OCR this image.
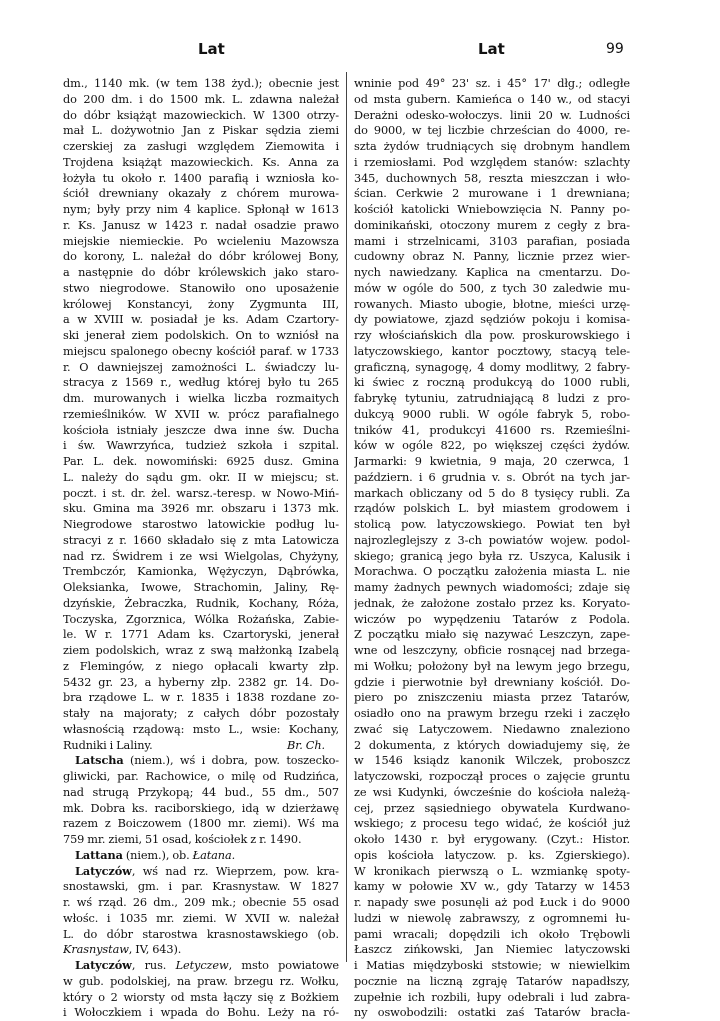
Lat	Lat	99
dm., 1140 mk. (w tem 138 żyd.); obecnie jest
do 200 dm. i do 1500 mk. L. zdawna należał
do dóbr książąt mazowieckich. W 1300 otrzy-
mał L. dożywotnio Jan z Piskar sędzia ziemi
czerskiej za zasługi względem Ziemowita i
Trojdena książąt mazowieckich. Ks. Anna za
łożyła tu około r. 1400 parafią i wzniosła ko-
ściół drewniany okazały z chórem murowa-
nym; były przy nim 4 kaplice. Spłonął w 1613
r. Ks. Janusz w 1423 r. nadał osadzie prawo
miejskie niemieckie. Po wcieleniu Mazowsza
do korony, L. należał do dóbr królowej Bony,
a następnie do dóbr królewskich jako staro-
stwo niegrodowe. Stanowiło ono uposażenie
królowej Konstancyi, żony Zygmunta III,
a w XVIII w. posiadał je ks. Adam Czartory-
ski jenerał ziem podolskich. On to wzniósł na
miejscu spalonego obecny kościół paraf. w 1733
r. O dawniejszej zamożności L. świadczy lu-
stracya z 1569 r., według której było tu 265
dm. murowanych i wielka liczba rozmaitych
rzemieślników. W XVII w. prócz parafialnego
kościoła istniały jeszcze dwa inne św. Ducha
i św. Wawrzyńca, tudzież szkoła i szpital.
Par. L. dek. nowomiński: 6925 dusz. Gmina
L. należy do sądu gm. okr. II w miejscu; st.
poczt. i st. dr. żel. warsz.-teresp. w Nowo-Miń-
sku. Gmina ma 3926 mr. obszaru i 1373 mk.
Niegrodowe starostwo latowickie podług lu-
stracyi z r. 1660 składało się z mta Latowicza
nad rz. Świdrem i ze wsi Wielgolas, Chyżyny,
Trembczór, Kamionka, Wężyczyn, Dąbrówka,
Oleksianka, Iwowe, Strachomin, Jaliny, Rę-
dzyńskie, Żebraczka, Rudnik, Kochany, Róża,
Toczyska, Zgorznica, Wólka Rożańska, Zabie-
le. W r. 1771 Adam ks. Czartoryski, jenerał
ziem podolskich, wraz z swą małżonką Izabelą
z Flemingów, z niego opłacali kwarty złp.
5432 gr. 23, a hyberny złp. 2382 gr. 14. Do-
bra rządowe L. w r. 1835 i 1838 rozdane zo-
stały na majoraty; z całych dóbr pozostały
własnością rządową: msto L., wsie: Kochany,
Rudniki i Laliny.	Br. Ch.
Latscha (niem.), wś i dobra, pow. toszecko-
gliwicki, par. Rachowice, o milę od Rudzińca,
nad strugą Przykopą; 44 bud., 55 dm., 507
mk. Dobra ks. raciborskiego, idą w dzierżawę
razem z Boiczowem (1800 mr. ziemi). Wś ma
759 mr. ziemi, 51 osad, kościołek z r. 1490.
Lattana (niem.), ob. Łatana.
Latyczów, wś nad rz. Wieprzem, pow. kra-
snostawski, gm. i par. Krasnystaw. W 1827
r. wś rząd. 26 dm., 209 mk.; obecnie 55 osad
włośc. i 1035 mr. ziemi. W XVII w. należał
L. do dóbr starostwa krasnostawskiego (ob.
Krasnystaw, IV, 643).
Latyczów, rus. Letyczew, msto powiatowe
w gub. podolskiej, na praw. brzegu rz. Wołku,
który o 2 wiorsty od msta łączy się z Bożkiem
i Wołoczkiem i wpada do Bohu. Leży na ró-
wninie pod 49° 23' sz. i 45° 17' dłg.; odległe
od msta gubern. Kamieńca o 140 w., od stacyi
Derażni odesko-wołoczys. linii 20 w. Ludności
do 9000, w tej liczbie chrześcian do 4000, re-
szta żydów trudniących się drobnym handlem
i rzemiosłami. Pod względem stanów: szlachty
345, duchownych 58, reszta mieszczan i wło-
ścian. Cerkwie 2 murowane i 1 drewniana;
kościół katolicki Wniebowzięcia N. Panny po-
dominikański, otoczony murem z cegły z bra-
mami i strzelnicami, 3103 parafian, posiada
cudowny obraz N. Panny, licznie przez wier-
nych nawiedzany. Kaplica na cmentarzu. Do-
mów w ogóle do 500, z tych 30 zaledwie mu-
rowanych. Miasto ubogie, błotne, mieści urzę-
dy powiatowe, zjazd sędziów pokoju i komisa-
rzy włościańskich dla pow. proskurowskiego i
latyczowskiego, kantor pocztowy, stacyą tele-
graficzną, synagogę, 4 domy modlitwy, 2 fabry-
ki świec z roczną produkcyą do 1000 rubli,
fabrykę tytuniu, zatrudniającą 8 ludzi z pro-
dukcyą 9000 rubli. W ogóle fabryk 5, robo-
tników 41, produkcyi 41600 rs. Rzemieślni-
ków w ogóle 822, po większej części żydów.
Jarmarki: 9 kwietnia, 9 maja, 20 czerwca, 1
październ. i 6 grudnia v. s. Obrót na tych jar-
markach obliczany od 5 do 8 tysięcy rubli. Za
rządów polskich L. był miastem grodowem i
stolicą pow. latyczowskiego. Powiat ten był
najrozleglejszy z 3-ch powiatów wojew. podol-
skiego; granicą jego była rz. Uszyca, Kalusik i
Morachwa. O początku założenia miasta L. nie
mamy żadnych pewnych wiadomości; zdaje się
jednak, że założone zostało przez ks. Koryato-
wiczów po wypędzeniu Tatarów z Podola.
Z początku miało się nazywać Leszczyn, zape-
wne od leszczyny, obficie rosnącej nad brzega-
mi Wołku; położony był na lewym jego brzegu,
gdzie i pierwotnie był drewniany kościół. Do-
piero po zniszczeniu miasta przez Tatarów,
osiadło ono na prawym brzegu rzeki i zaczęło
zwać się Latyczowem. Niedawno znaleziono
2 dokumenta, z których dowiadujemy się, że
w 1546 ksiądz kanonik Wilczek, proboszcz
latyczowski, rozpoczął proces o zajęcie gruntu
ze wsi Kudynki, ówcześnie do kościoła należą-
cej, przez sąsiedniego obywatela Kurdwano-
wskiego; z procesu tego widać, że kościół już
około 1430 r. był erygowany. (Czyt.: Histor.
opis kościoła latyczow. p. ks. Zgierskiego).
W kronikach pierwszą o L. wzmiankę spoty-
kamy w połowie XV w., gdy Tatarzy w 1453
r. napady swe posunęli aż pod Łuck i do 9000
ludzi w niewolę zabrawszy, z ogromnemi łu-
pami wracali; dopędzili ich około Trębowli
Łaszcz zińkowski, Jan Niemiec latyczowski
i Matias międzyboski ststowie; w niewielkim
pocznie na liczną zgraję Tatarów napadłszy,
zupełnie ich rozbili, łupy odebrali i lud zabra-
ny oswobodzili: ostatki zaś Tatarów bracła-
